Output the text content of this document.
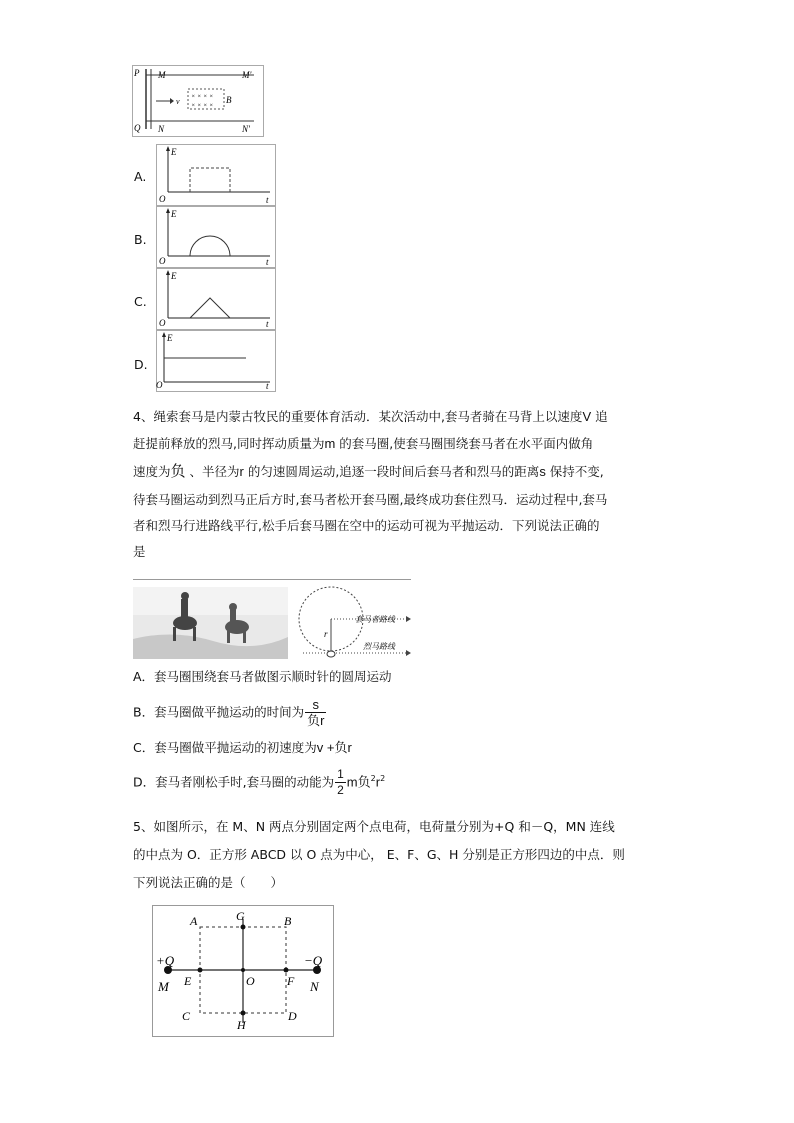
P M	M'
Q N	N'
v	B
× × × ×
× × × ×
A.
E
O	t
B.
E
O	t
C.
E
O	t
D.
E
O	t
4、绳索套马是内蒙古牧民的重要体育活动．某次活动中,套马者骑在马背上以速度V 追
赶提前释放的烈马,同时挥动质量为m 的套马圈,使套马圈围绕套马者在水平面内做角
速度为负 、半径为r 的匀速圆周运动,追逐一段时间后套马者和烈马的距离s 保持不变,
待套马圈运动到烈马正后方时,套马者松开套马圈,最终成功套住烈马．运动过程中,套马
者和烈马行进路线平行,松手后套马圈在空中的运动可视为平抛运动．下列说法正确的
是
r
套马者路线
烈马路线
A．套马圈围绕套马者做图示顺时针的圆周运动
B．套马圈做平抛运动的时间为 $\frac{s}{\text{负r}}$
C．套马圈做平抛运动的初速度为v +负r
D．套马者刚松手时,套马圈的动能为 $\frac{1}{2}$ m负$^2r^2$
5、如图所示，在 M、N 两点分别固定两个点电荷，电荷量分别为+Q 和－Q，MN 连线
的中点为 O．正方形 ABCD 以 O 点为中心， E、F、G、H 分别是正方形四边的中点．则
下列说法正确的是（　　）
A	B
C	D
G
H
E	F
O
M	N
+Q	−Q
